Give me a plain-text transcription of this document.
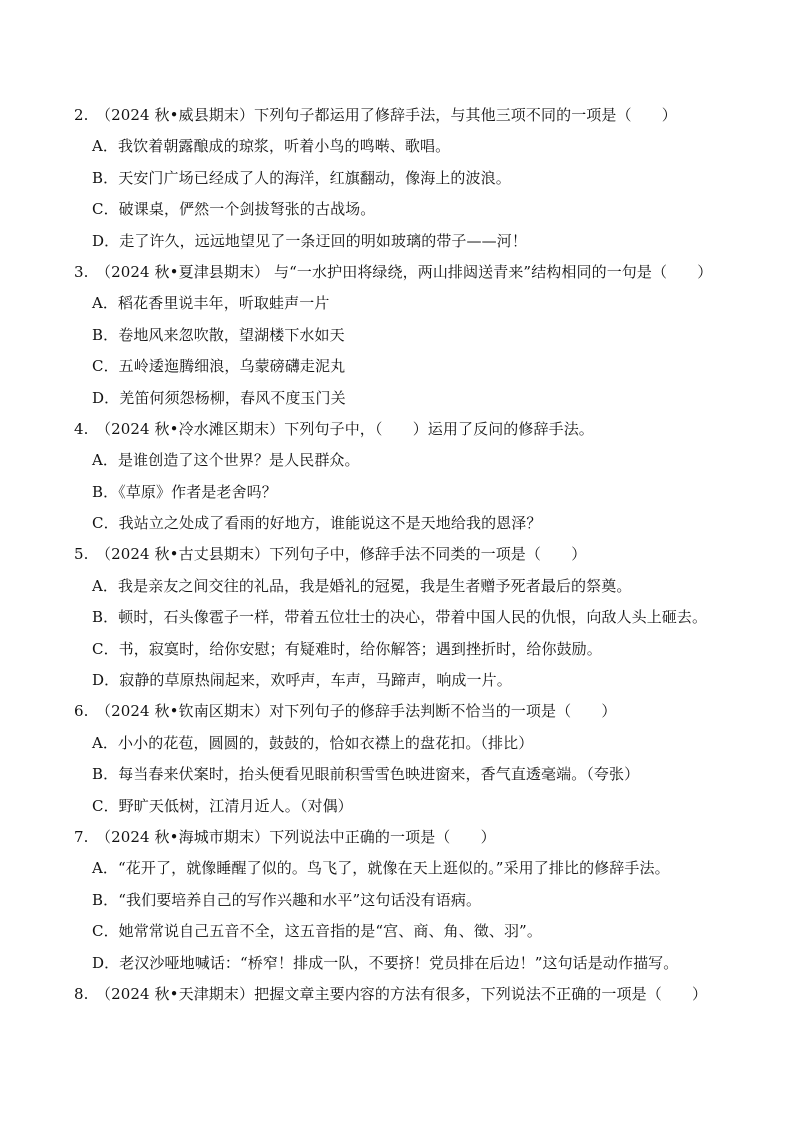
2. （2024 秋•威县期末）下列句子都运用了修辞手法，与其他三项不同的一项是（　　）
A．我饮着朝露酿成的琼浆，听着小鸟的鸣啭、歌唱。
B．天安门广场已经成了人的海洋，红旗翻动，像海上的波浪。
C．破课桌，俨然一个剑拔弩张的古战场。
D．走了许久，远远地望见了一条迂回的明如玻璃的带子——河！
3. （2024 秋•夏津县期末） 与“一水护田将绿绕，两山排闼送青来”结构相同的一句是（　　）
A．稻花香里说丰年，听取蛙声一片
B．卷地风来忽吹散，望湖楼下水如天
C．五岭逶迤腾细浪，乌蒙磅礴走泥丸
D．羌笛何须怨杨柳，春风不度玉门关
4. （2024 秋•冷水滩区期末）下列句子中，（　　）运用了反问的修辞手法。
A．是谁创造了这个世界？是人民群众。
B．《草原》作者是老舍吗？
C．我站立之处成了看雨的好地方，谁能说这不是天地给我的恩泽？
5. （2024 秋•古丈县期末）下列句子中，修辞手法不同类的一项是（　　）
A．我是亲友之间交往的礼品，我是婚礼的冠冕，我是生者赠予死者最后的祭奠。
B．顿时，石头像雹子一样，带着五位壮士的决心，带着中国人民的仇恨，向敌人头上砸去。
C．书，寂寞时，给你安慰；有疑难时，给你解答；遇到挫折时，给你鼓励。
D．寂静的草原热闹起来，欢呼声，车声，马蹄声，响成一片。
6. （2024 秋•钦南区期末）对下列句子的修辞手法判断不恰当的一项是（　　）
A．小小的花苞，圆圆的，鼓鼓的，恰如衣襟上的盘花扣。（排比）
B．每当春来伏案时，抬头便看见眼前积雪雪色映进窗来，香气直透毫端。（夸张）
C．野旷天低树，江清月近人。（对偶）
7. （2024 秋•海城市期末）下列说法中正确的一项是（　　）
A．“花开了，就像睡醒了似的。鸟飞了，就像在天上逛似的。”采用了排比的修辞手法。
B．“我们要培养自己的写作兴趣和水平”这句话没有语病。
C．她常常说自己五音不全，这五音指的是“宫、商、角、徵、羽”。
D．老汉沙哑地喊话：“桥窄！排成一队，不要挤！党员排在后边！”这句话是动作描写。
8. （2024 秋•天津期末）把握文章主要内容的方法有很多，下列说法不正确的一项是（　　）
